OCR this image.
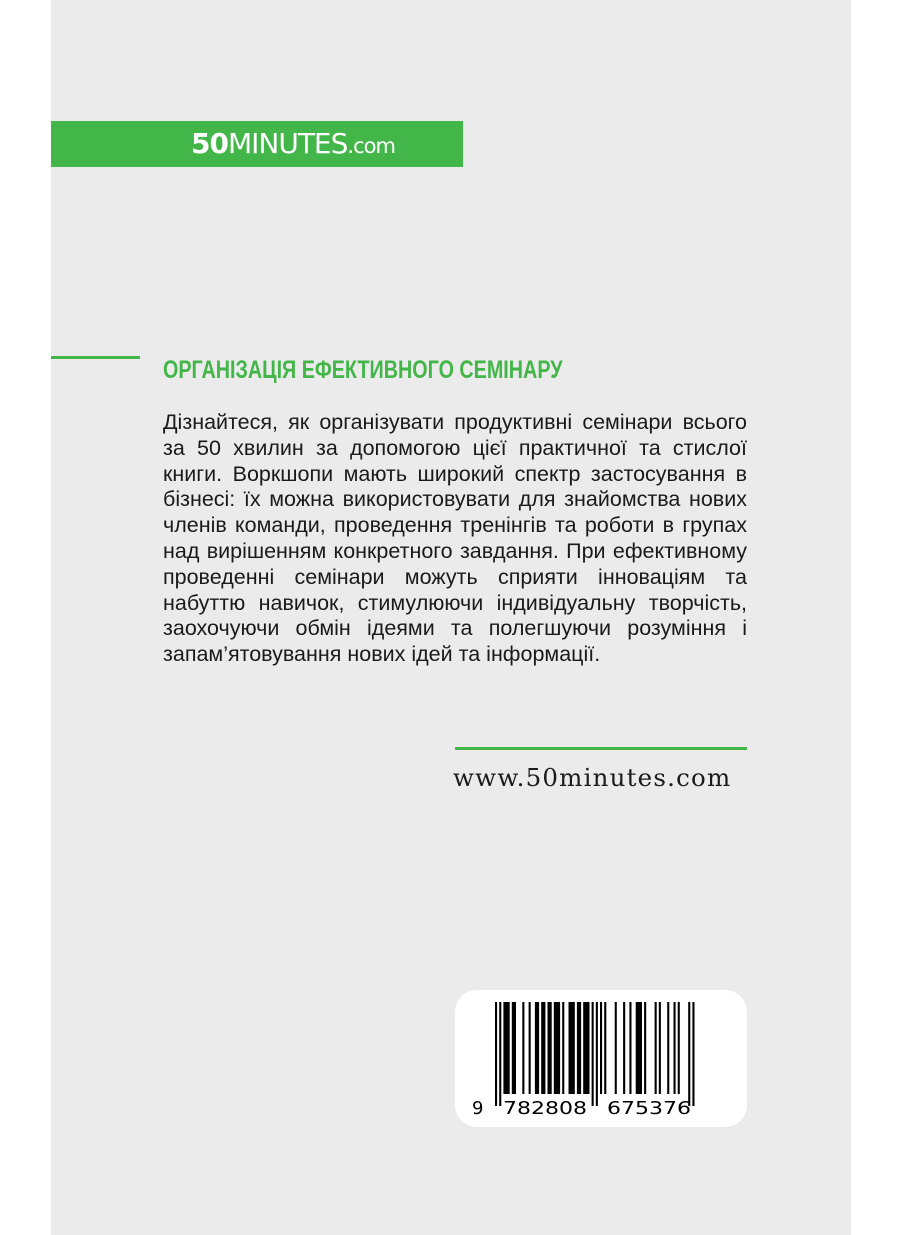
50MINUTES.com
ОРГАНІЗАЦІЯ ЕФЕКТИВНОГО СЕМІНАРУ

Дізнайтеся, як організувати продуктивні семінари всього за 50 хвилин за допомогою цієї практичної та стислої книги. Воркшопи мають широкий спектр застосування в бізнесі: їх можна використовувати для знайомства нових членів команди, проведення тренінгів та роботи в групах над вирішенням конкретного завдання. При ефективному проведенні семінари можуть сприяти інноваціям та набуттю навичок, стимулюючи індивідуальну творчість, заохочуючи обмін ідеями та полегшуючи розуміння і запам’ятовування нових ідей та інформації.

www.50minutes.com
9 782808 675376
